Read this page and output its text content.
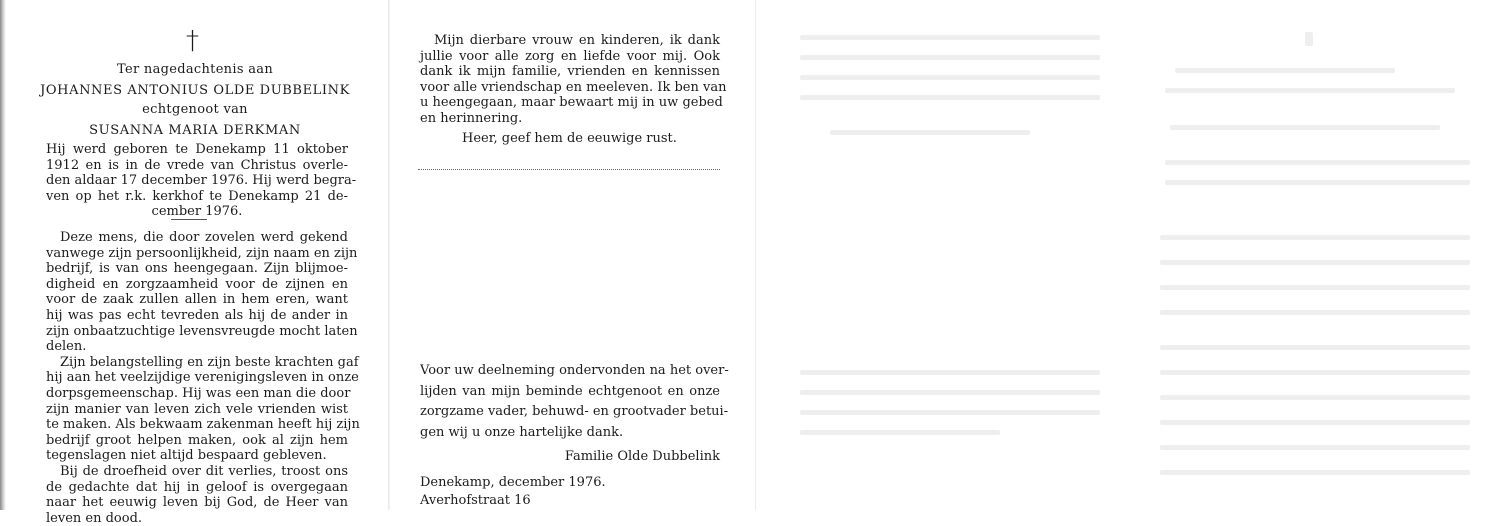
†
Ter nagedachtenis aan
JOHANNES ANTONIUS OLDE DUBBELINK
echtgenoot van
SUSANNA MARIA DERKMAN
Hij werd geboren te Denekamp 11 oktober
1912 en is in de vrede van Christus overle-
den aldaar 17 december 1976. Hij werd begra-
ven op het r.k. kerkhof te Denekamp 21 de-
cember 1976.
Deze mens, die door zovelen werd gekend
vanwege zijn persoonlijkheid, zijn naam en zijn
bedrijf, is van ons heengegaan. Zijn blijmoe-
digheid en zorgzaamheid voor de zijnen en
voor de zaak zullen allen in hem eren, want
hij was pas echt tevreden als hij de ander in
zijn onbaatzuchtige levensvreugde mocht laten
delen.
Zijn belangstelling en zijn beste krachten gaf
hij aan het veelzijdige verenigingsleven in onze
dorpsgemeenschap. Hij was een man die door
zijn manier van leven zich vele vrienden wist
te maken. Als bekwaam zakenman heeft hij zijn
bedrijf groot helpen maken, ook al zijn hem
tegenslagen niet altijd bespaard gebleven.
Bij de droefheid over dit verlies, troost ons
de gedachte dat hij in geloof is overgegaan
naar het eeuwig leven bij God, de Heer van
leven en dood.
Mijn dierbare vrouw en kinderen, ik dank
jullie voor alle zorg en liefde voor mij. Ook
dank ik mijn familie, vrienden en kennissen
voor alle vriendschap en meeleven. Ik ben van
u heengegaan, maar bewaart mij in uw gebed
en herinnering.
Heer, geef hem de eeuwige rust.
Voor uw deelneming ondervonden na het over-
lijden van mijn beminde echtgenoot en onze
zorgzame vader, behuwd- en grootvader betui-
gen wij u onze hartelijke dank.
Familie Olde Dubbelink
Denekamp, december 1976.
Averhofstraat 16
